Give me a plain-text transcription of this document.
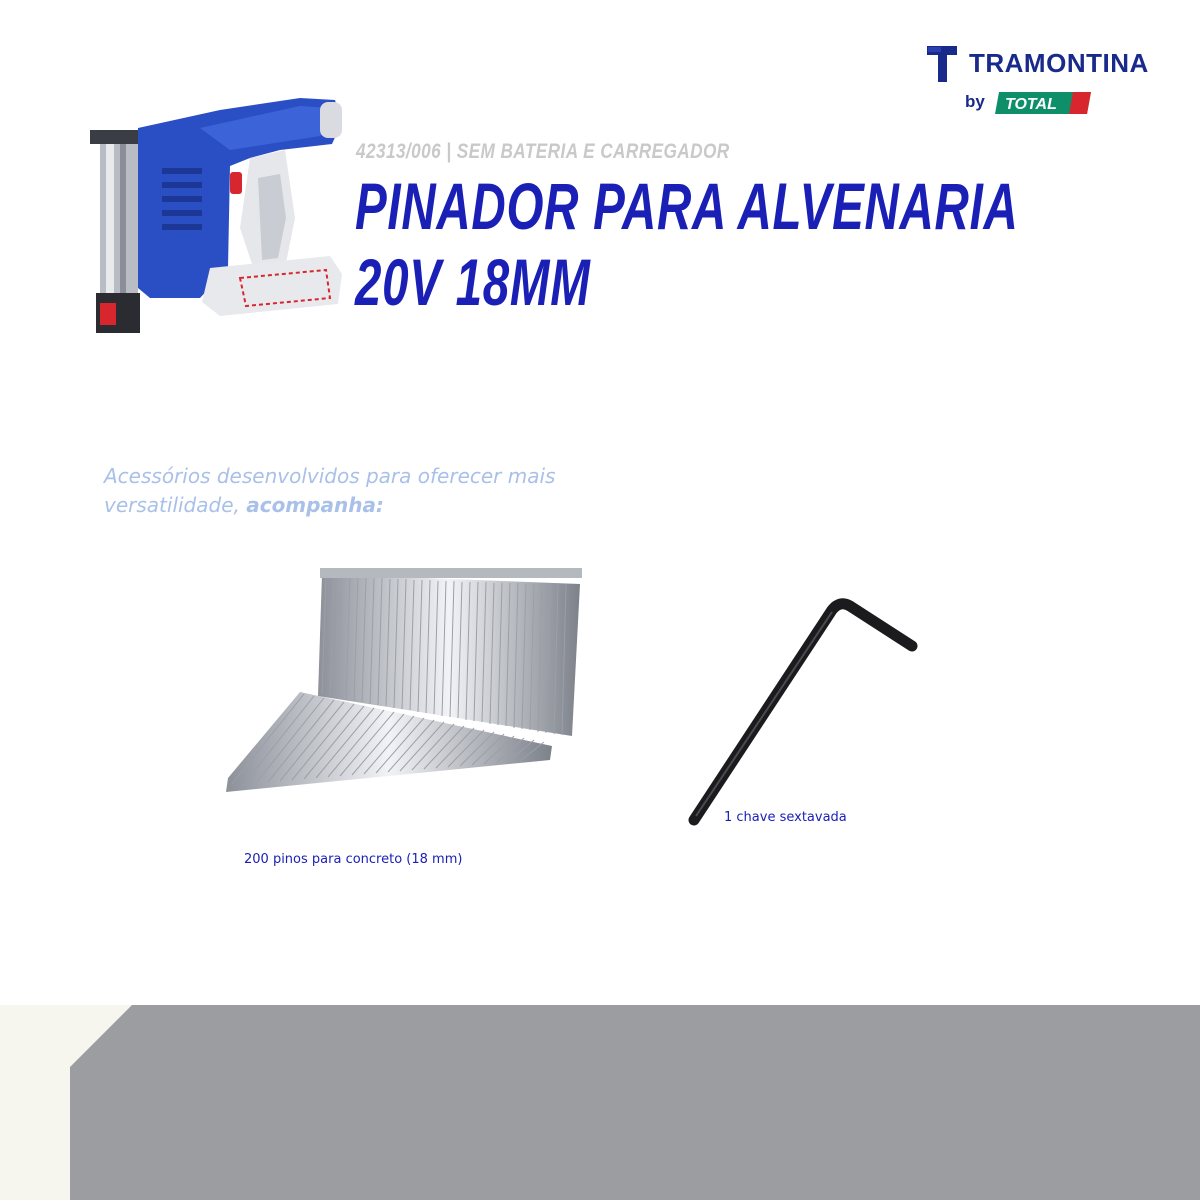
TRAMONTINA
by TOTAL
42313/006 | SEM BATERIA E CARREGADOR
PINADOR PARA ALVENARIA
20V 18MM
Acessórios desenvolvidos para oferecer mais versatilidade, acompanha:
200 pinos para concreto (18 mm)
1 chave sextavada
